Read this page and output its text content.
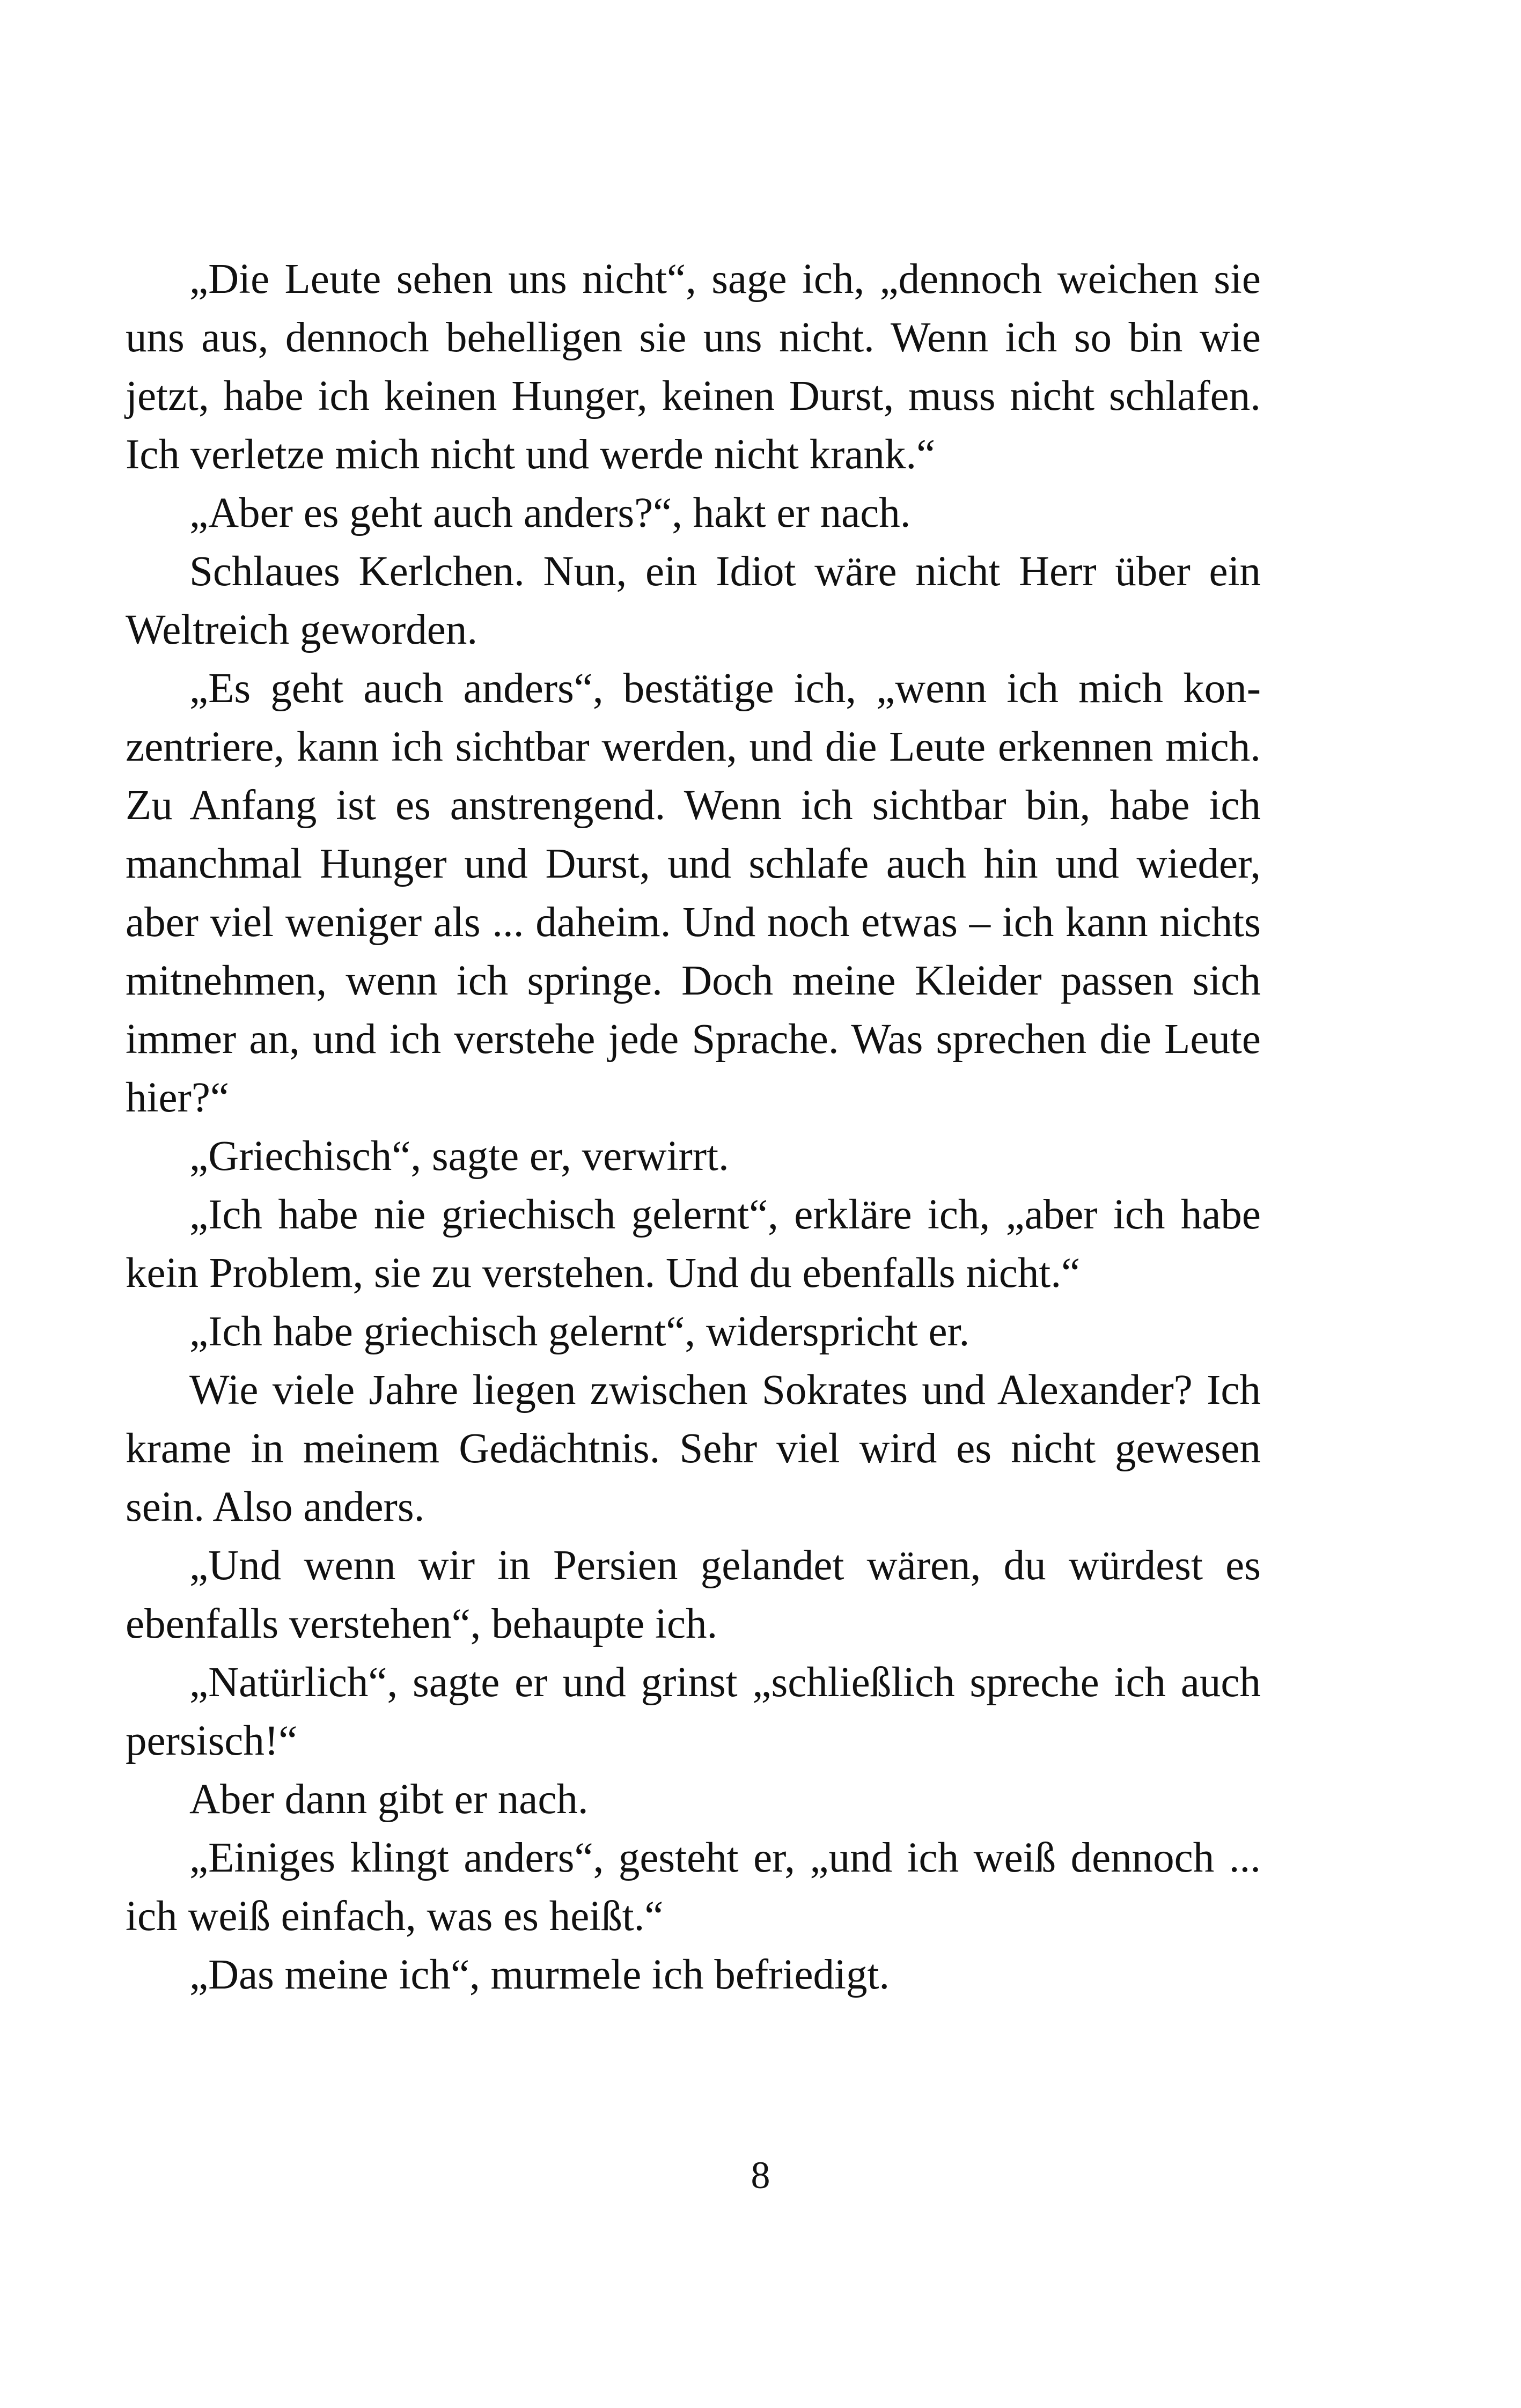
„Die Leute sehen uns nicht“, sage ich, „dennoch weichen sie uns aus, dennoch behelligen sie uns nicht. Wenn ich so bin wie jetzt, habe ich keinen Hunger, keinen Durst, muss nicht schlafen. Ich verletze mich nicht und werde nicht krank.“

„Aber es geht auch anders?“, hakt er nach.

Schlaues Kerlchen. Nun, ein Idiot wäre nicht Herr über ein Weltreich geworden.

„Es geht auch anders“, bestätige ich, „wenn ich mich konzentriere, kann ich sichtbar werden, und die Leute erkennen mich. Zu Anfang ist es anstrengend. Wenn ich sichtbar bin, habe ich manchmal Hunger und Durst, und schlafe auch hin und wieder, aber viel weniger als ... daheim. Und noch etwas – ich kann nichts mitnehmen, wenn ich springe. Doch meine Kleider passen sich immer an, und ich verstehe jede Sprache. Was sprechen die Leute hier?“

„Griechisch“, sagte er, verwirrt.

„Ich habe nie griechisch gelernt“, erkläre ich, „aber ich habe kein Problem, sie zu verstehen. Und du ebenfalls nicht.“

„Ich habe griechisch gelernt“, widerspricht er.

Wie viele Jahre liegen zwischen Sokrates und Alexander? Ich krame in meinem Gedächtnis. Sehr viel wird es nicht gewesen sein. Also anders.

„Und wenn wir in Persien gelandet wären, du würdest es ebenfalls verstehen“, behaupte ich.

„Natürlich“, sagte er und grinst „schließlich spreche ich auch persisch!“

Aber dann gibt er nach.

„Einiges klingt anders“, gesteht er, „und ich weiß dennoch ... ich weiß einfach, was es heißt.“

„Das meine ich“, murmele ich befriedigt.

8
